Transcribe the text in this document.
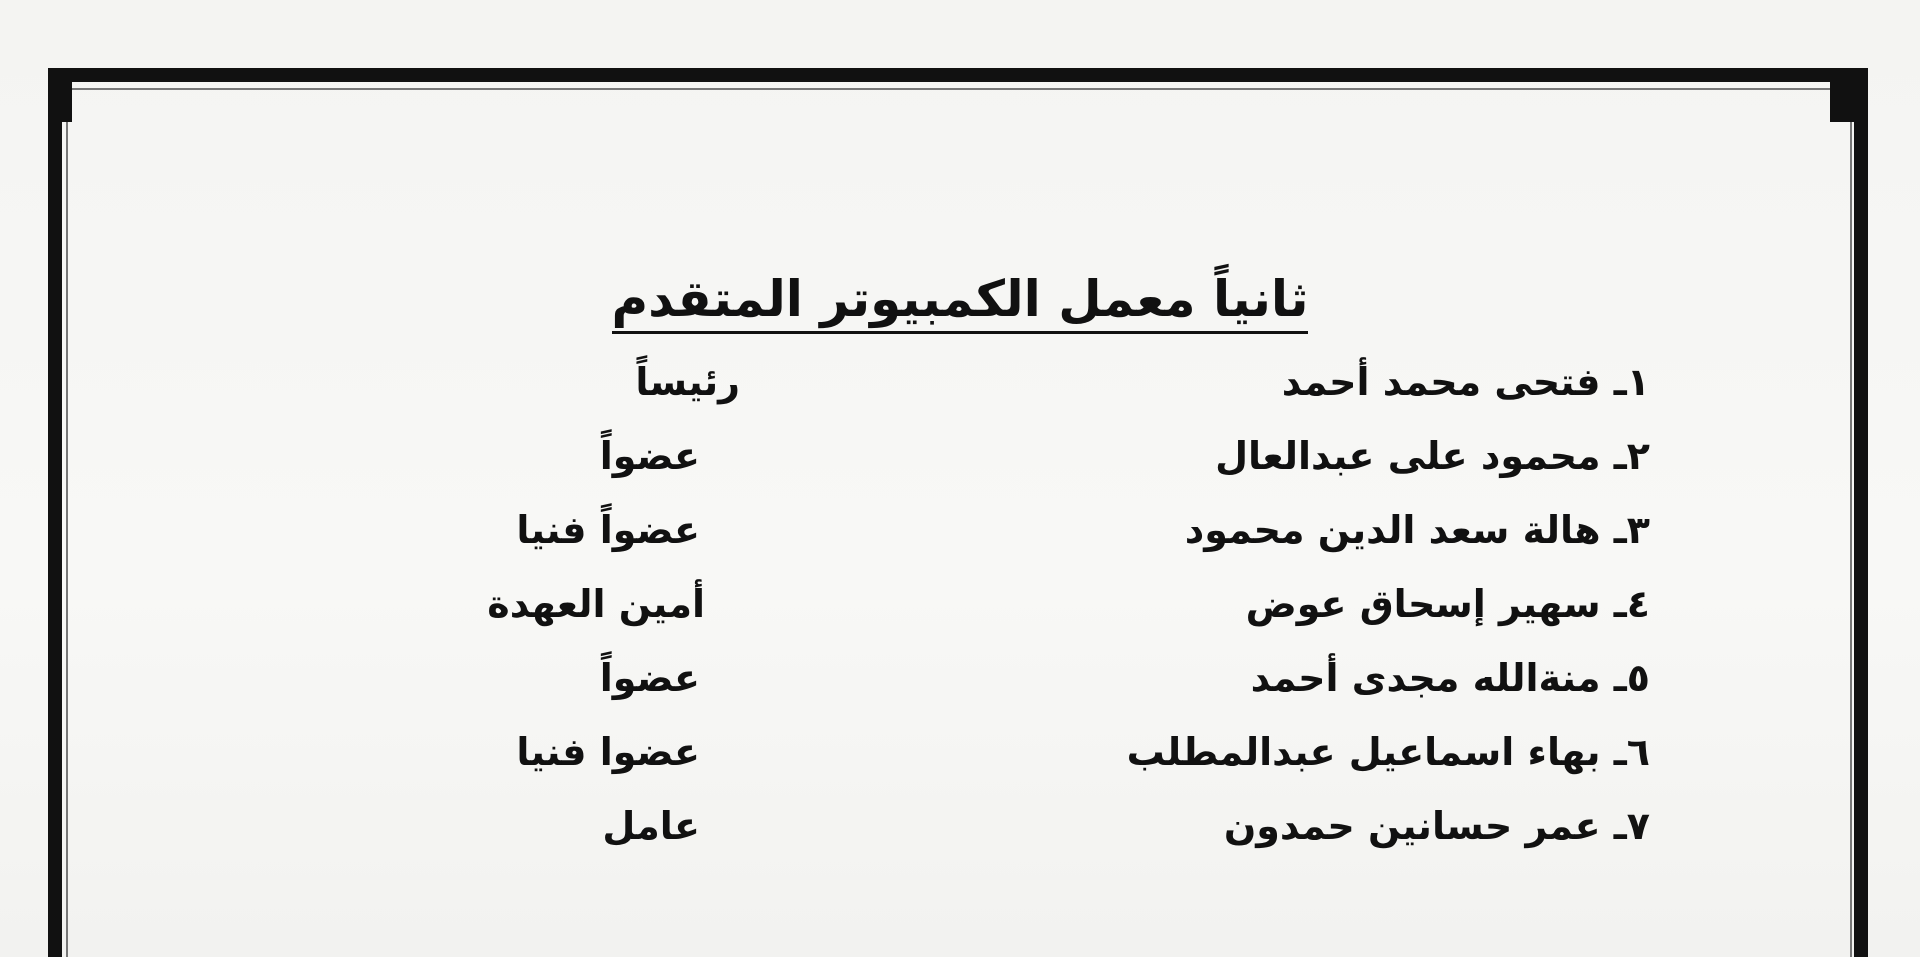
ثانياً معمل الكمبيوتر المتقدم
١ـ فتحى محمد أحمد
رئيساً
٢ـ محمود على عبدالعال
عضواً
٣ـ هالة سعد الدين محمود
عضواً فنيا
٤ـ سهير إسحاق عوض
أمين العهدة
٥ـ منةالله مجدى أحمد
عضواً
٦ـ بهاء اسماعيل عبدالمطلب
عضوا فنيا
٧ـ عمر حسانين حمدون
عامل
